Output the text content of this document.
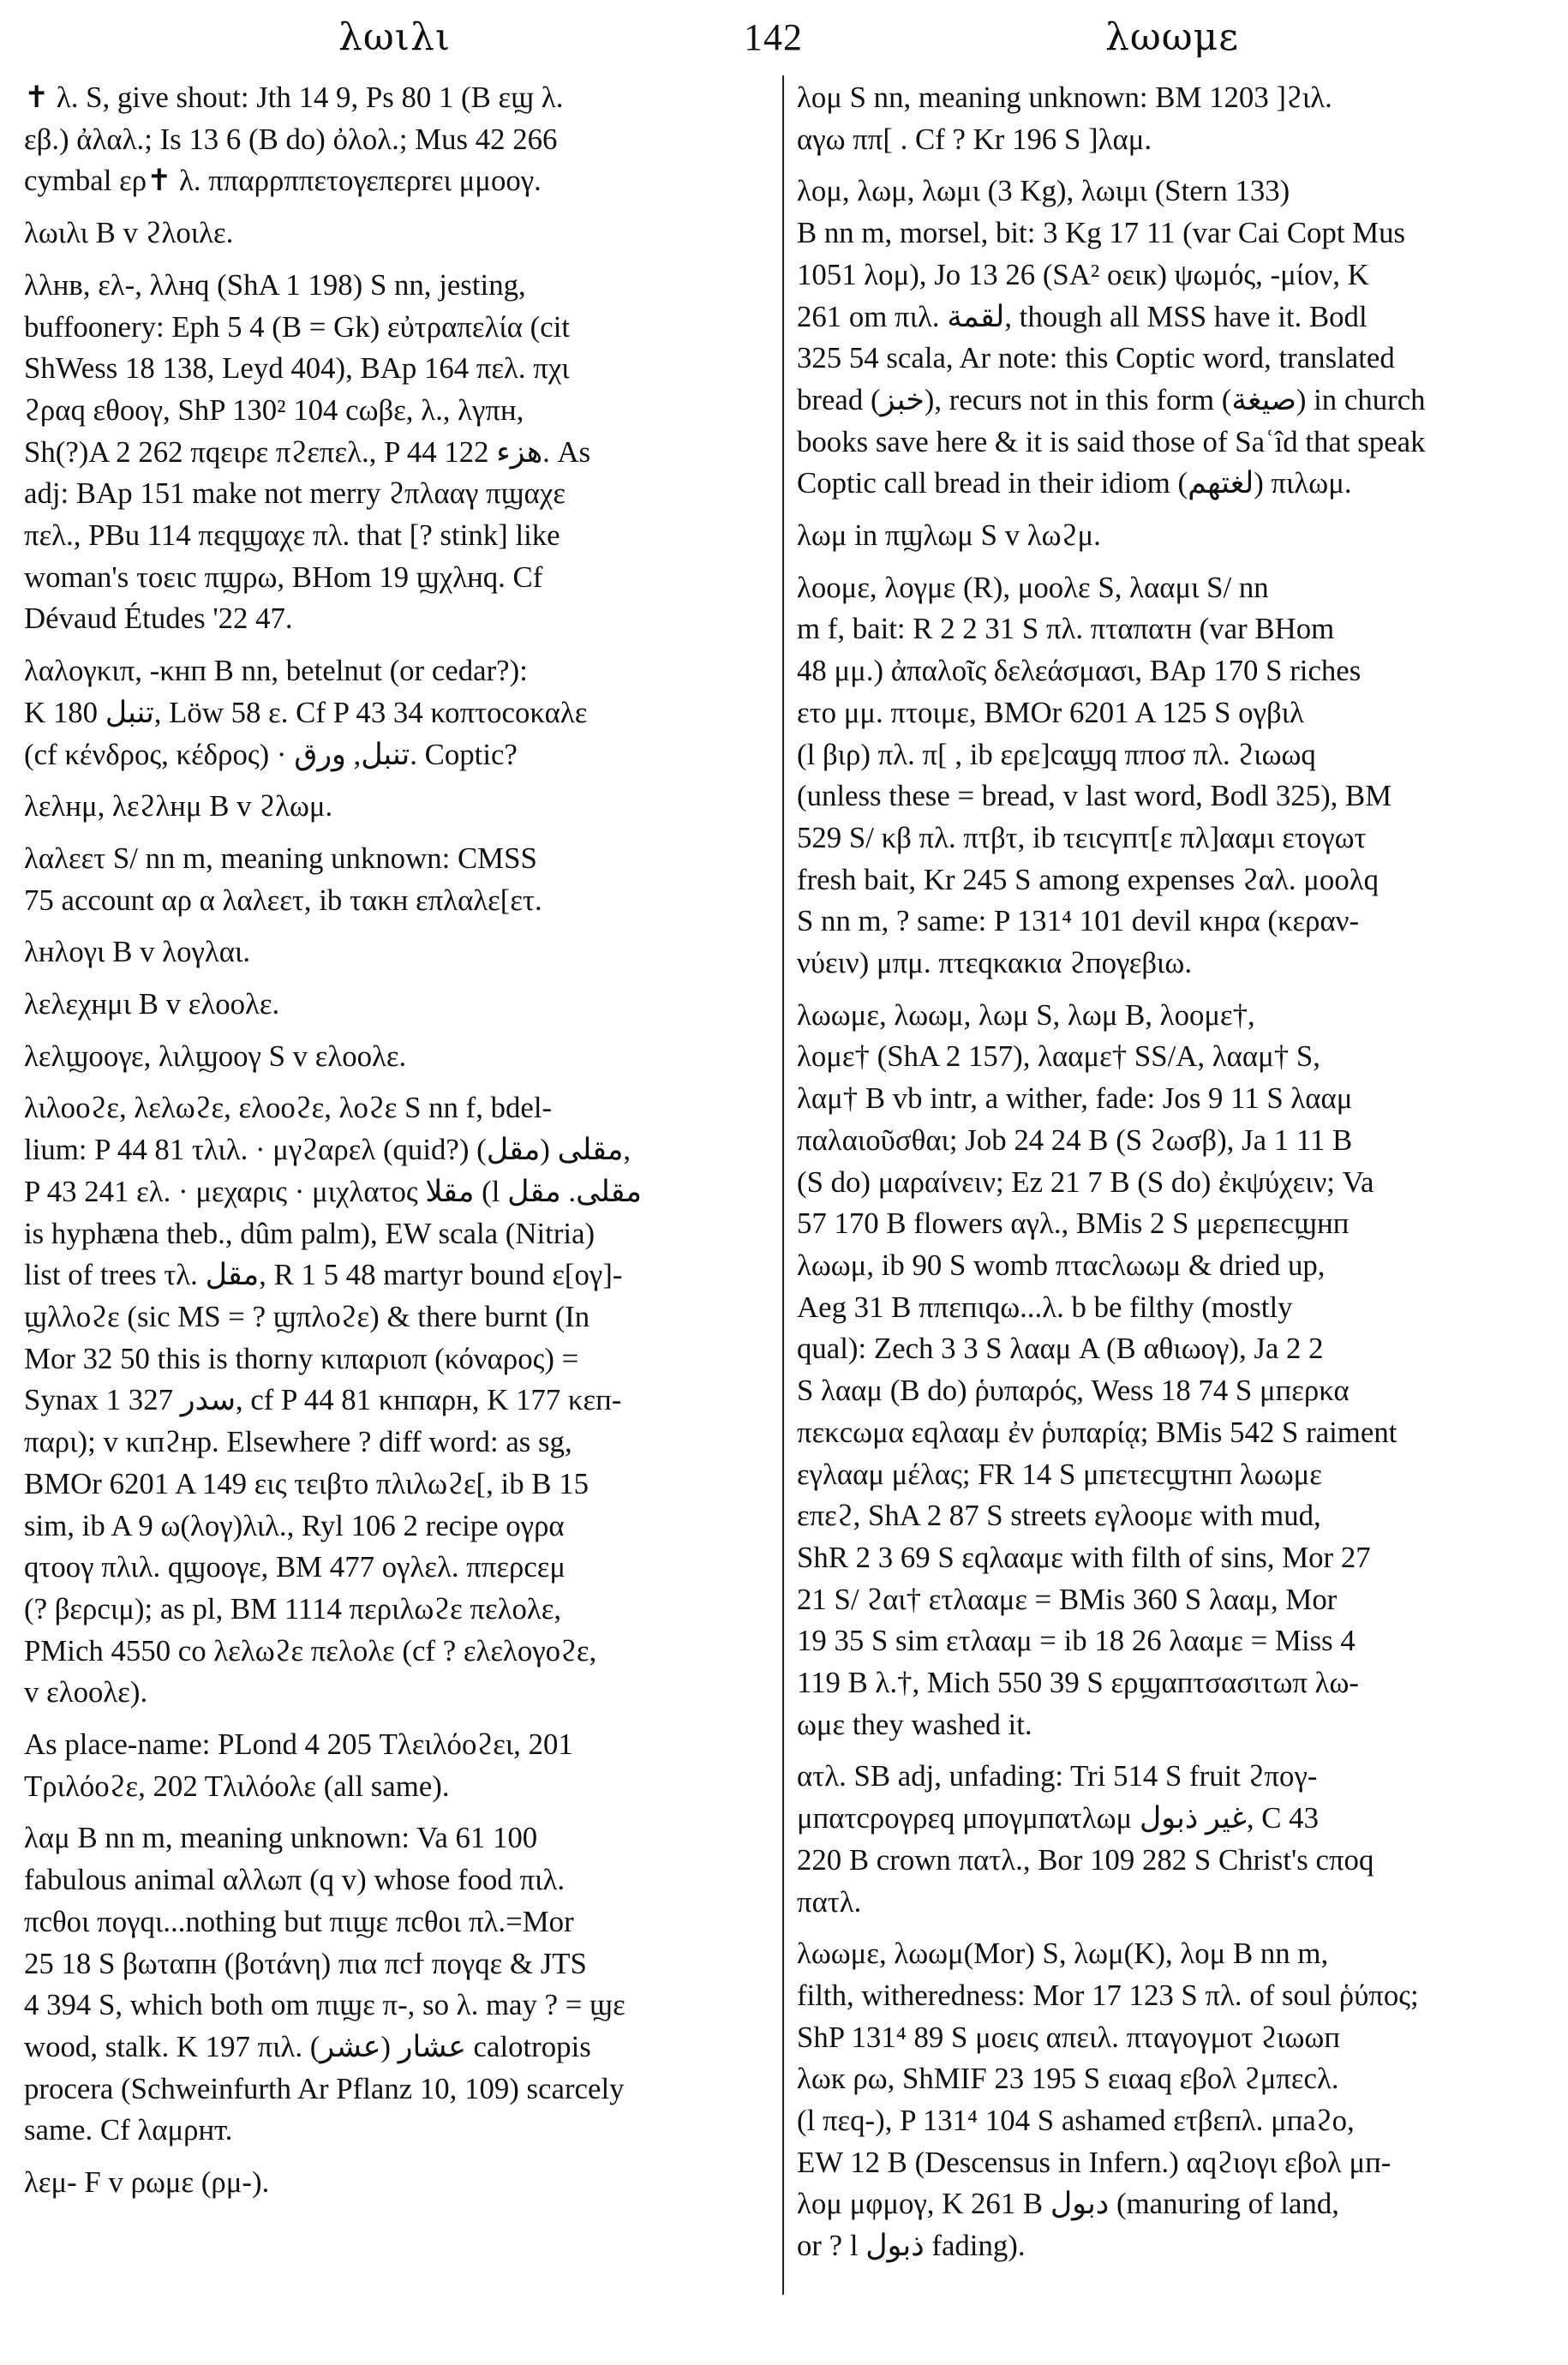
λωιλι	142	λωωμε
✝ λ. S, give shout: Jth 14 9, Ps 80 1 (B εϣ λ.
εβ.) ἀλαλ.; Is 13 6 (B do) ὀλολ.; Mus 42 266
cymbal ερ✝ λ. ππαρρππετογεπερrει μμοογ.
λωιλι B v ϩλοιλε.
λλнв, ελ-, λλнq (ShA 1 198) S nn, jesting,
buffoonery: Eph 5 4 (B = Gk) εὐτραπελία (cit
ShWess 18 138, Leyd 404), BAp 164 πελ. πχι
ϩραq εθοογ, ShP 130² 104 cωβε, λ., λγπн,
Sh(?)A 2 262 πqειρε πϩεπελ., P 44 122 هزء. As
adj: BAp 151 make not merry ϩπλααγ πϣαχε
πελ., PBu 114 πεqϣαχε πλ. that [? stink] like
woman's τοειc πϣρω, BHom 19 ϣχλнq. Cf
Dévaud Études '22 47.
λαλογκιπ, -κнп B nn, betelnut (or cedar?):
K 180 تنبل, Löw 58 ε. Cf P 43 34 κοπτοcοκαλε
(cf κένδρος, κέδρος) · تنبل, ورق. Coptic?
λελнμ, λεϩλнμ B v ϩλωμ.
λαλεετ S/ nn m, meaning unknown: CMSS
75 account αρ α λαλεετ, ib τακн επλαλε[ετ.
λнλογι B v λογλαι.
λελεχнμι B v ελοολε.
λελϣοογε, λιλϣοογ S v ελοολε.
λιλοοϩε, λελωϩε, ελοοϩε, λοϩε S nn f, bdel-
lium: P 44 81 τλιλ. · μγϩαρελ (quid?) مقلى (مقل),
P 43 241 ελ. · μεχαρις · μιχλατος مقلا (l مقلى. مقل
is hyphæna theb., dûm palm), EW scala (Nitria)
list of trees τλ. مقل, R 1 5 48 martyr bound ε[ογ]-
ϣλλοϩε (sic MS = ? ϣπλοϩε) & there burnt (In
Mor 32 50 this is thorny κιπαριοπ (κόναρος) =
Synax 1 327 سدر, cf P 44 81 κнпαρн, K 177 κεп-
παρι); v κιпϩнр. Elsewhere ? diff word: as sg,
BMOr 6201 A 149 εις τειβτο πλιλωϩε[, ib B 15
sim, ib A 9 ω(λογ)λιλ., Ryl 106 2 recipe ογρα
qτοογ πλιλ. qϣοογε, BM 477 ογλελ. ππερcεμ
(? βερcιμ); as pl, BM 1114 περιλωϩε πελολε,
PMich 4550 cο λελωϩε πελολε (cf ? ελελογοϩε,
v ελοολε).
As place-name: PLond 4 205 Τλειλόοϩει, 201
Τριλόοϩε, 202 Τλιλόολε (all same).
λαμ B nn m, meaning unknown: Va 61 100
fabulous animal αλλωπ (q v) whose food πιλ.
πcθοι πογqι...nothing but πιϣε πcθοι πλ.=Mor
25 18 S βωταпн (βοτάνη) πια πcϯ πογqε & JTS
4 394 S, which both om πιϣε π-, so λ. may ? = ϣε
wood, stalk. K 197 πιλ. عشار (عشر) calotropis
procera (Schweinfurth Ar Pflanz 10, 109) scarcely
same. Cf λαμρнт.
λεμ- F v ρωμε (ρμ-).
λομ S nn, meaning unknown: BM 1203 ]ϩιλ.
αγω ππ[ . Cf ? Kr 196 S ]λαμ.
λομ, λωμ, λωμι (3 Kg), λωιμι (Stern 133)
B nn m, morsel, bit: 3 Kg 17 11 (var Cai Copt Mus
1051 λομ), Jo 13 26 (SA² οειк) ψωμός, -μίον, K
261 om πιλ. لقمة, though all MSS have it. Bodl
325 54 scala, Ar note: this Coptic word, translated
bread (خبز), recurs not in this form (صيغة) in church
books save here & it is said those of Saʿîd that speak
Coptic call bread in their idiom (لغتهم) πιλωμ.
λωμ in πϣλωμ S v λωϩμ.
λοομε, λογμε (R), μοολε S, λααμι S/ nn
m f, bait: R 2 2 31 S πλ. πταπατн (var BHom
48 μμ.) ἀπαλοῖς δελεάσμασι, BAp 170 S riches
ετο μμ. πτοιμε, BMOr 6201 A 125 S ογβιλ
(l βιρ) πλ. π[ , ib ερε]cαϣq ππоσ πλ. ϩιωωq
(unless these = bread, v last word, Bodl 325), BM
529 S/ κβ πλ. πτβτ, ib τειcγпτ[ε πλ]ααμι ετογωτ
fresh bait, Kr 245 S among expenses ϩαλ. μοολq
S nn m, ? same: P 131⁴ 101 devil κнρα (κεραν-
νύειν) μπμ. πτεqκακια ϩпογεβιω.
λωωμε, λωωμ, λωμ S, λωμ B, λοομε†,
λομε† (ShA 2 157), λααμε† SS/A, λααμ† S,
λαμ† B vb intr, a wither, fade: Jos 9 11 S λααμ
παλαιοῦσθαι; Job 24 24 B (S ϩωσβ), Ja 1 11 B
(S do) μαραίνειν; Ez 21 7 B (S do) ἐκψύχειν; Va
57 170 B flowers αγλ., BMis 2 S μερεпεcϣнп
λωωμ, ib 90 S womb πταcλωωμ & dried up,
Aeg 31 B ππεпιqω...λ. b be filthy (mostly
qual): Zech 3 3 S λααμ A (B αθιωογ), Ja 2 2
S λααμ (B do) ῥυπαρός, Wess 18 74 S μпερκα
πεκcωμα εqλααμ ἐν ῥυπαρίᾳ; BMis 542 S raiment
εγλααμ μέλας; FR 14 S μпετεcϣτнп λωωμε
επεϩ, ShA 2 87 S streets εγλοομε with mud,
ShR 2 3 69 S εqλααμε with filth of sins, Mor 27
21 S/ ϩαι† ετλααμε = BMis 360 S λααμ, Mor
19 35 S sim ετλααμ = ib 18 26 λααμε = Miss 4
119 B λ.†, Mich 550 39 S ερϣαпτσασιτωπ λω-
ωμε they washed it.
ατλ. SB adj, unfading: Tri 514 S fruit ϩπογ-
μпατcρογρεq μпογμпατλωμ غير ذبول, C 43
220 B crown πατλ., Bor 109 282 S Christ's cπоq
πατλ.
λωωμε, λωωμ(Mor) S, λωμ(K), λομ B nn m,
filth, witheredness: Mor 17 123 S πλ. of soul ῥύπος;
ShP 131⁴ 89 S μοεις απειλ. πταγογμοτ ϩιωωп
λωк ρω, ShMIF 23 195 S ειαаq εβολ ϩμπεcλ.
(l πεq-), P 131⁴ 104 S ashamed ετβεпλ. μпаϩο,
EW 12 B (Descensus in Infern.) αqϩιογι εβολ μп-
λομ μφμογ, K 261 B دبول (manuring of land,
or ? l ذبول fading).
